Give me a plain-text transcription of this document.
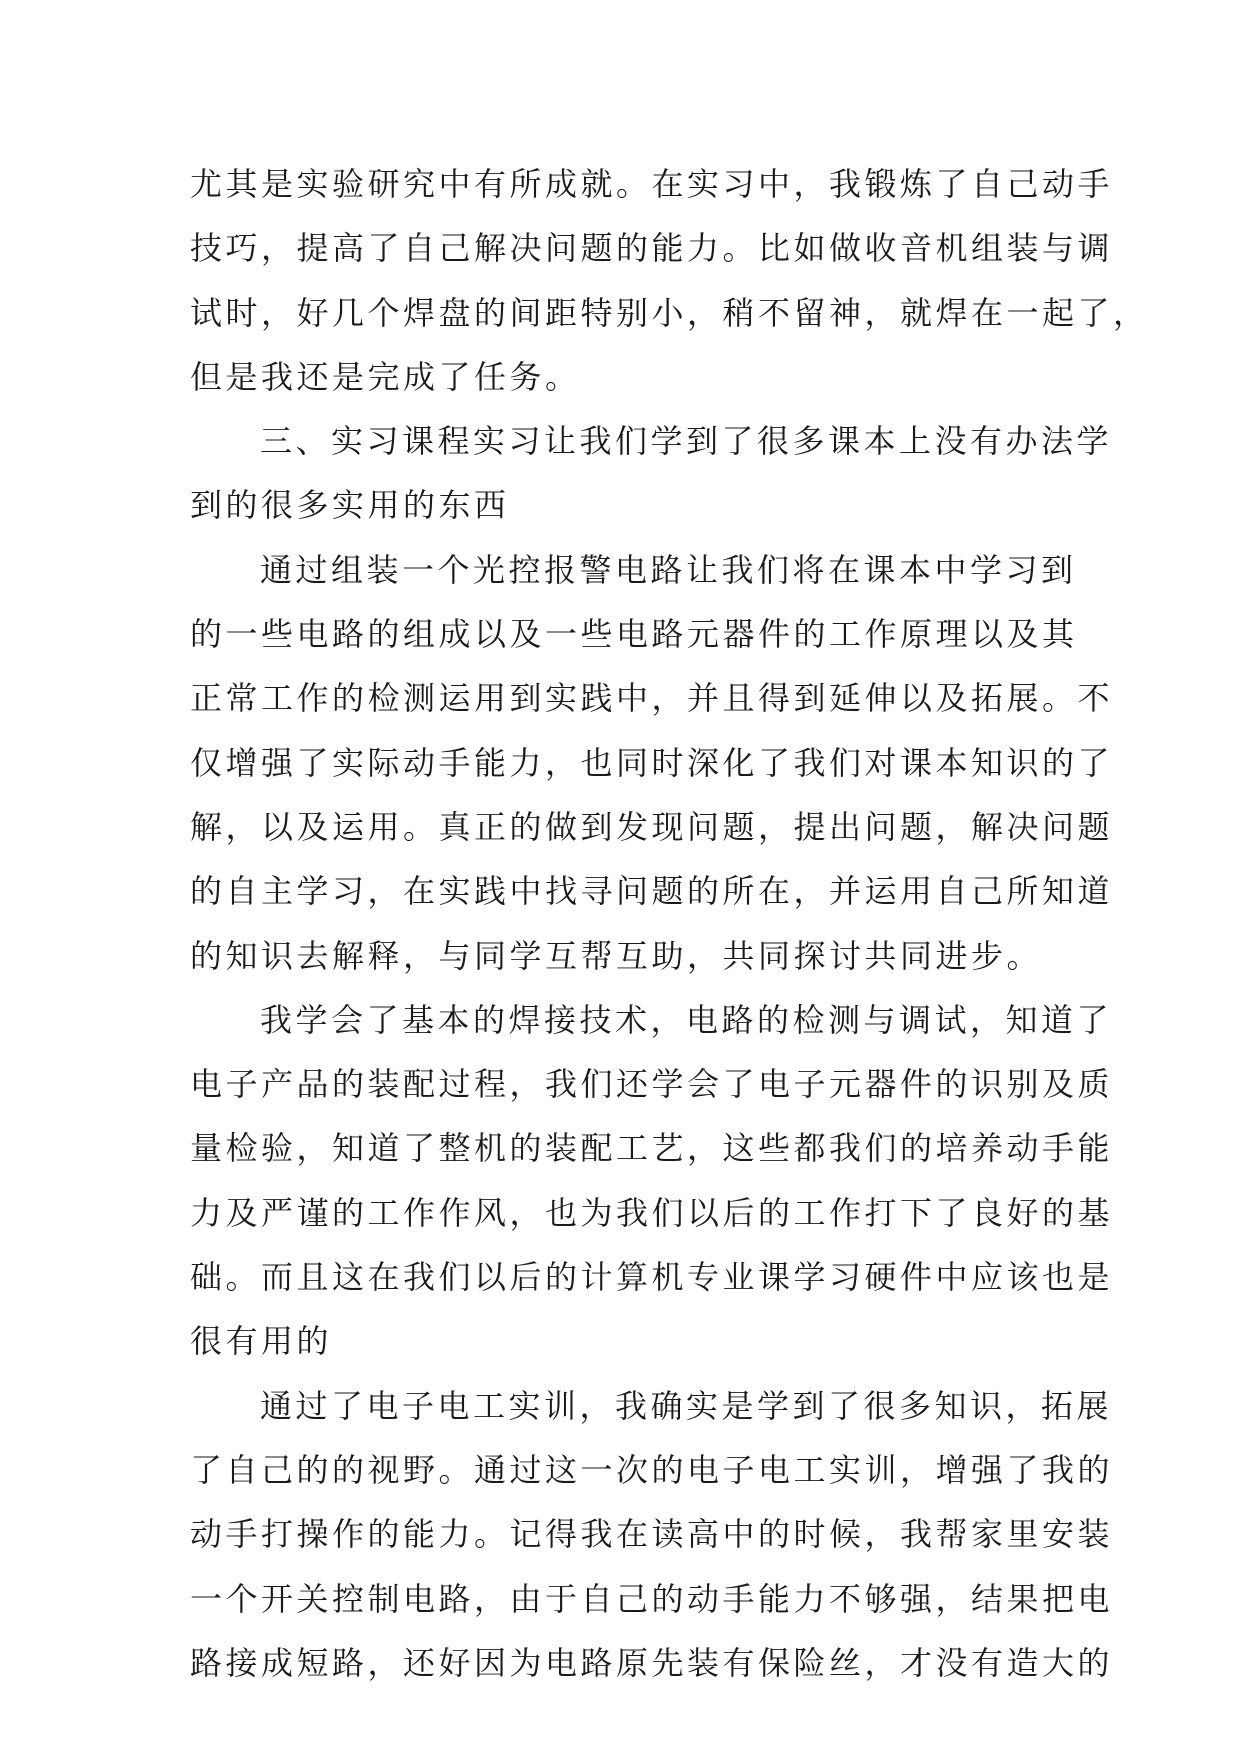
尤其是实验研究中有所成就。在实习中，我锻炼了自己动手
技巧，提高了自己解决问题的能力。比如做收音机组装与调
试时，好几个焊盘的间距特别小，稍不留神，就焊在一起了，
但是我还是完成了任务。
三、实习课程实习让我们学到了很多课本上没有办法学
到的很多实用的东西
通过组装一个光控报警电路让我们将在课本中学习到
的一些电路的组成以及一些电路元器件的工作原理以及其
正常工作的检测运用到实践中，并且得到延伸以及拓展。不
仅增强了实际动手能力，也同时深化了我们对课本知识的了
解，以及运用。真正的做到发现问题，提出问题，解决问题
的自主学习，在实践中找寻问题的所在，并运用自己所知道
的知识去解释，与同学互帮互助，共同探讨共同进步。
我学会了基本的焊接技术，电路的检测与调试，知道了
电子产品的装配过程，我们还学会了电子元器件的识别及质
量检验，知道了整机的装配工艺，这些都我们的培养动手能
力及严谨的工作作风，也为我们以后的工作打下了良好的基
础。而且这在我们以后的计算机专业课学习硬件中应该也是
很有用的
通过了电子电工实训，我确实是学到了很多知识，拓展
了自己的的视野。通过这一次的电子电工实训，增强了我的
动手打操作的能力。记得我在读高中的时候，我帮家里安装
一个开关控制电路，由于自己的动手能力不够强，结果把电
路接成短路，还好因为电路原先装有保险丝，才没有造大的
